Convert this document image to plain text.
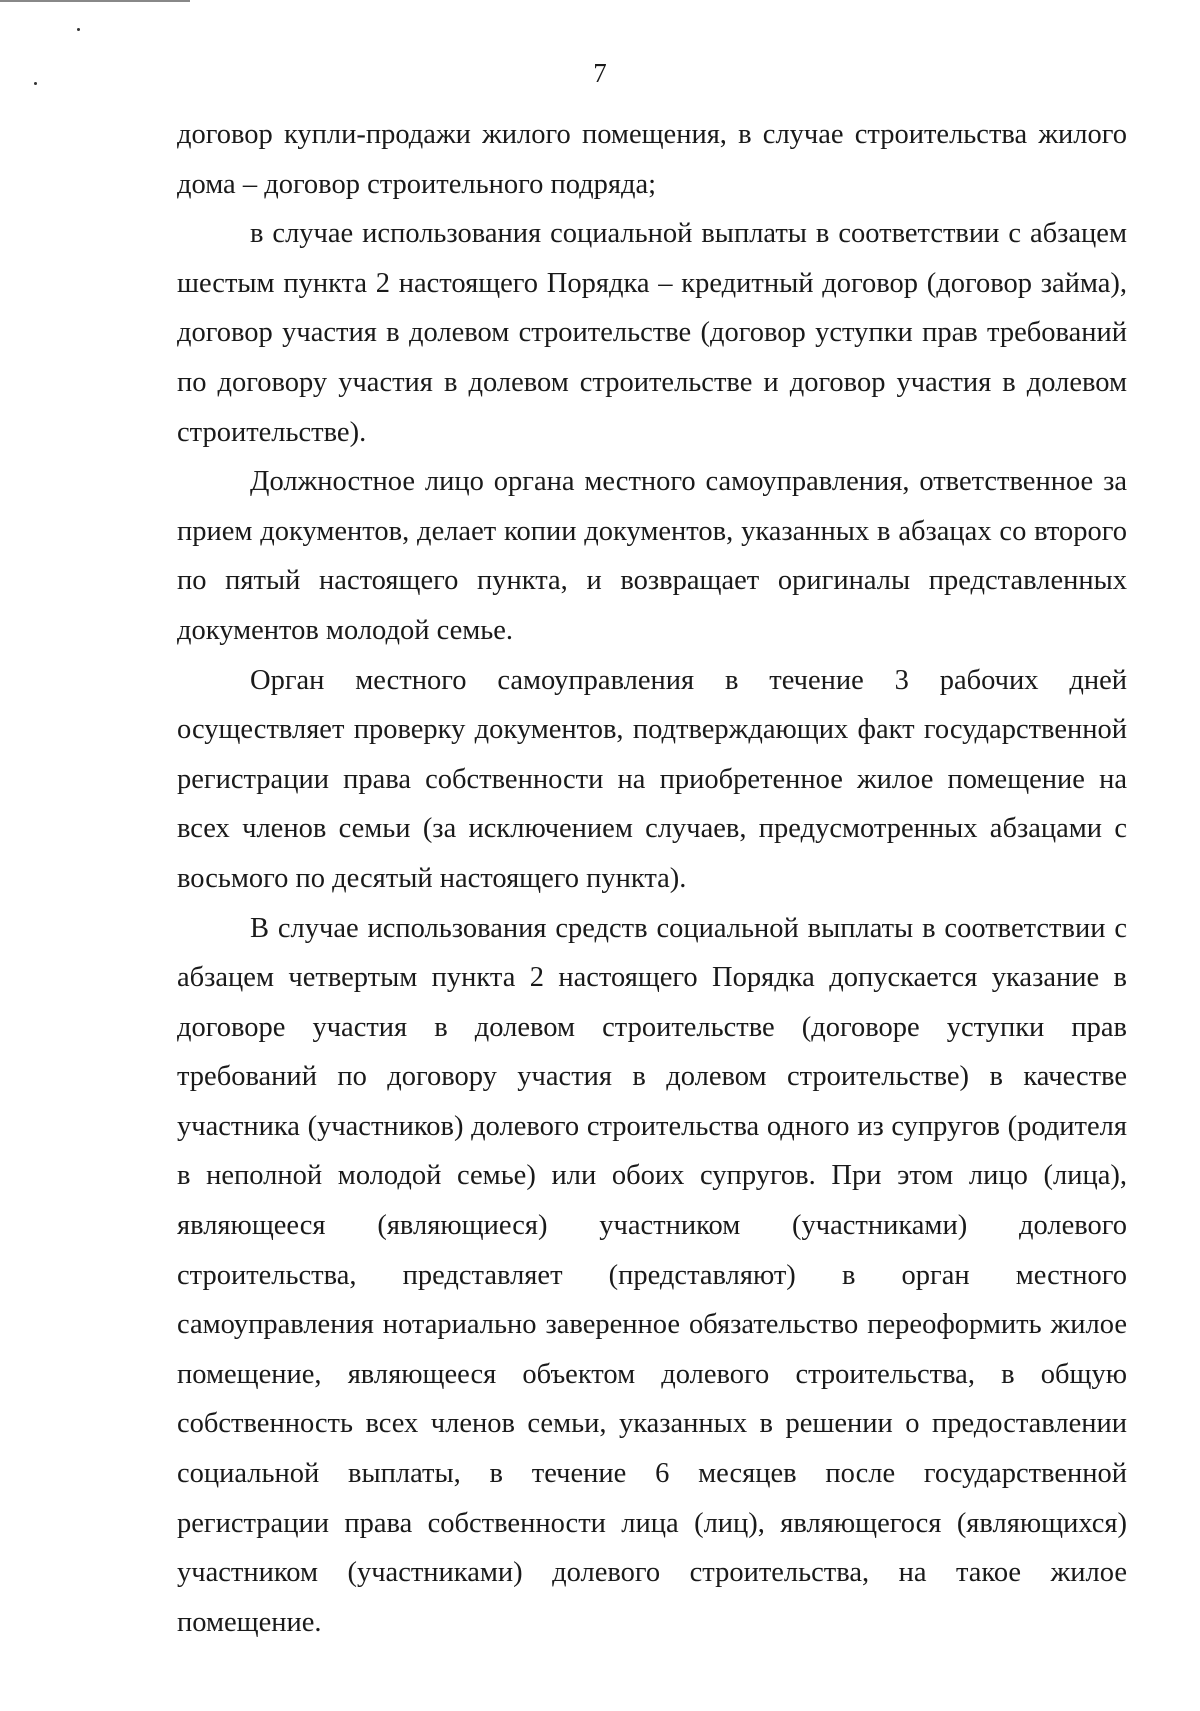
7

договор купли-продажи жилого помещения, в случае строительства жилого дома – договор строительного подряда;

в случае использования социальной выплаты в соответствии с абзацем шестым пункта 2 настоящего Порядка – кредитный договор (договор займа), договор участия в долевом строительстве (договор уступки прав требований по договору участия в долевом строительстве и договор участия в долевом строительстве).

Должностное лицо органа местного самоуправления, ответственное за прием документов, делает копии документов, указанных в абзацах со второго по пятый настоящего пункта, и возвращает оригиналы представленных документов молодой семье.

Орган местного самоуправления в течение 3 рабочих дней осуществляет проверку документов, подтверждающих факт государственной регистрации права собственности на приобретенное жилое помещение на всех членов семьи (за исключением случаев, предусмотренных абзацами с восьмого по десятый настоящего пункта).

В случае использования средств социальной выплаты в соответствии с абзацем четвертым пункта 2 настоящего Порядка допускается указание в договоре участия в долевом строительстве (договоре уступки прав требований по договору участия в долевом строительстве) в качестве участника (участников) долевого строительства одного из супругов (родителя в неполной молодой семье) или обоих супругов. При этом лицо (лица), являющееся (являющиеся) участником (участниками) долевого строительства, представляет (представляют) в орган местного самоуправления нотариально заверенное обязательство переоформить жилое помещение, являющееся объектом долевого строительства, в общую собственность всех членов семьи, указанных в решении о предоставлении социальной выплаты, в течение 6 месяцев после государственной регистрации права собственности лица (лиц), являющегося (являющихся) участником (участниками) долевого строительства, на такое жилое помещение.
